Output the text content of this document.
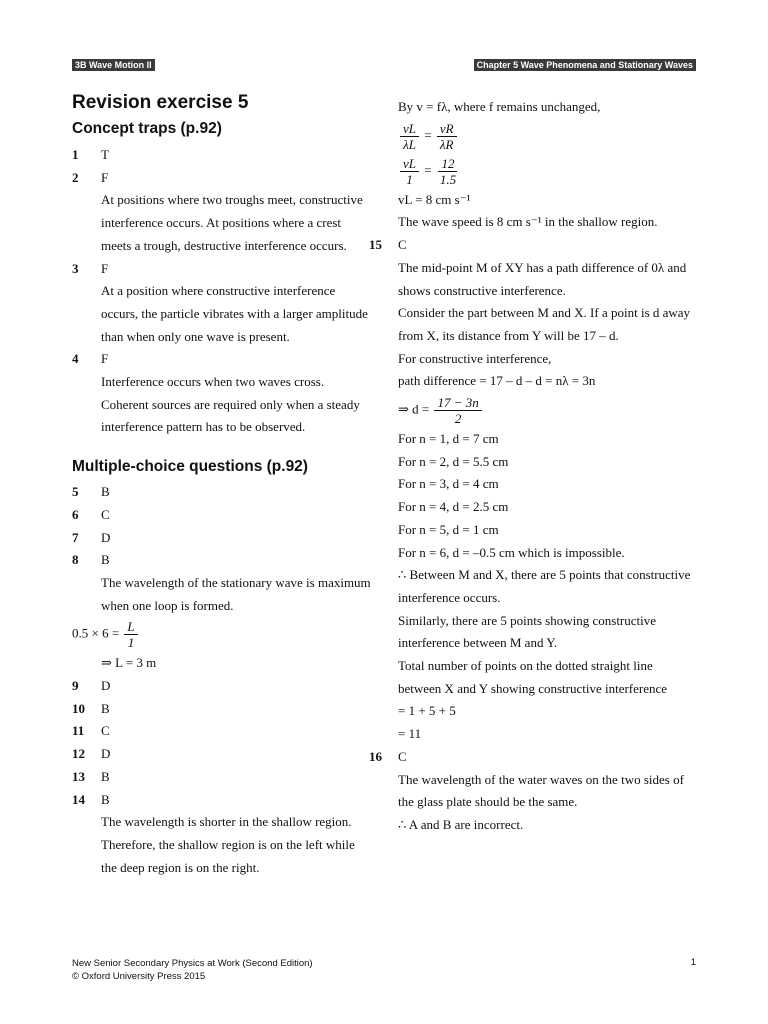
3B Wave Motion II	Chapter 5 Wave Phenomena and Stationary Waves
Revision exercise 5
Concept traps (p.92)
1	T
2	F
At positions where two troughs meet, constructive interference occurs. At positions where a crest meets a trough, destructive interference occurs.
3	F
At a position where constructive interference occurs, the particle vibrates with a larger amplitude than when only one wave is present.
4	F
Interference occurs when two waves cross. Coherent sources are required only when a steady interference pattern has to be observed.
Multiple-choice questions (p.92)
5	B
6	C
7	D
8	B
The wavelength of the stationary wave is maximum when one loop is formed.
$0.5 \times 6 = \frac{L}{1}$
⇒ L = 3 m
9	D
10	B
11	C
12	D
13	B
14	B
The wavelength is shorter in the shallow region. Therefore, the shallow region is on the left while the deep region is on the right.
By v = fλ, where f remains unchanged,
$\frac{vL}{\lambda L} = \frac{vR}{\lambda R}$
$\frac{vL}{1} = \frac{12}{1.5}$
vL = 8 cm s⁻¹
The wave speed is 8 cm s⁻¹ in the shallow region.
15	C
The mid-point M of XY has a path difference of 0λ and shows constructive interference.
Consider the part between M and X. If a point is d away from X, its distance from Y will be 17 – d.
For constructive interference,
path difference = 17 – d – d = nλ = 3n
⇒ $d = \frac{17 - 3n}{2}$
For n = 1, d = 7 cm
For n = 2, d = 5.5 cm
For n = 3, d = 4 cm
For n = 4, d = 2.5 cm
For n = 5, d = 1 cm
For n = 6, d = –0.5 cm which is impossible.
∴ Between M and X, there are 5 points that constructive interference occurs.
Similarly, there are 5 points showing constructive interference between M and Y.
Total number of points on the dotted straight line between X and Y showing constructive interference
= 1 + 5 + 5
= 11
16	C
The wavelength of the water waves on the two sides of the glass plate should be the same.
∴ A and B are incorrect.
New Senior Secondary Physics at Work (Second Edition)
© Oxford University Press 2015
1
